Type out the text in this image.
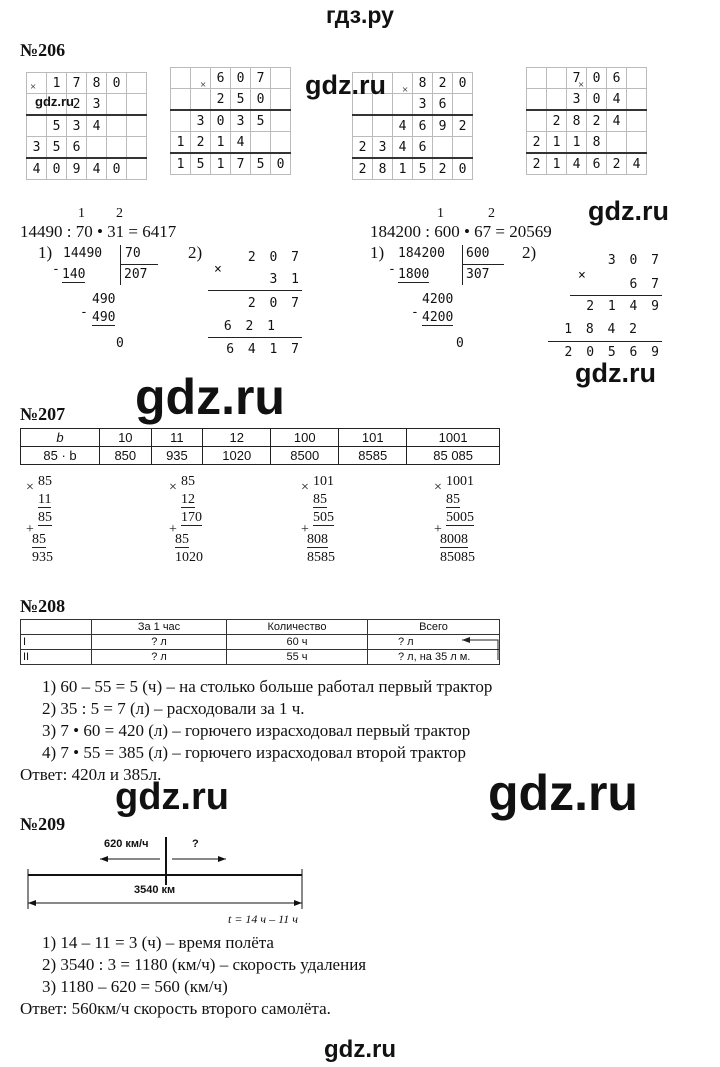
гдз.ру
№206
	1	7	8	0	
		2	3		
	5	3	4		
3	5	6			
4	0	9	4	0	
×
		6	0	7	
		2	5	0	
	3	0	3	5	
1	2	1	4		
1	5	1	7	5	0
×
				8	2	0
			3	6	
		4	6	9	2
2	3	4	6		
2	8	1	5	2	0
×
		7	0	6	
		3	0	4	
	2	8	2	4	
2	1	1	8		
2	1	4	6	2	4
×
gdz.ru
gdz.ru
gdz.ru
1 2
14490 : 70 • 31 = 6417
1	2
184200 : 600 • 67 = 20569
1) 14490 70
- 140	207
490
- 490
0
2)
×
2 0 7
3 1
2 0 7
6 2 1
6 4 1 7
1) 184200 600
- 1800	307
4200
- 4200
0
2)
×
3 0 7
6 7
2 1 4 9
1 8 4 2
2 0 5 6 9
gdz.ru
gdz.ru
№207
b	10	11	12	100	101	1001
85 · b	850	935	1020	8500	8585	85 085
× 85
11
85
+
85
935
× 85
12
170
+
85
1020
× 101
85
505
+
808
8585
× 1001
85
5005
+
8008
85085
№208
	За 1 час	Количество	Всего
I	? л	60 ч	? л
II	? л	55 ч	? л, на 35 л м.
1) 60 – 55 = 5 (ч) – на столько больше работал первый трактор
2) 35 : 5 = 7 (л) – расходовали за 1 ч.
3) 7 • 60 = 420 (л) – горючего израсходовал первый трактор
4) 7 • 55 = 385 (л) – горючего израсходовал второй трактор
Ответ: 420л и 385л.
gdz.ru	gdz.ru
№209
620 км/ч	?
3540 км
t = 14 ч – 11 ч
1) 14 – 11 = 3 (ч) – время полёта
2) 3540 : 3 = 1180 (км/ч) – скорость удаления
3) 1180 – 620 = 560 (км/ч)
Ответ: 560км/ч скорость второго самолёта.
gdz.ru
